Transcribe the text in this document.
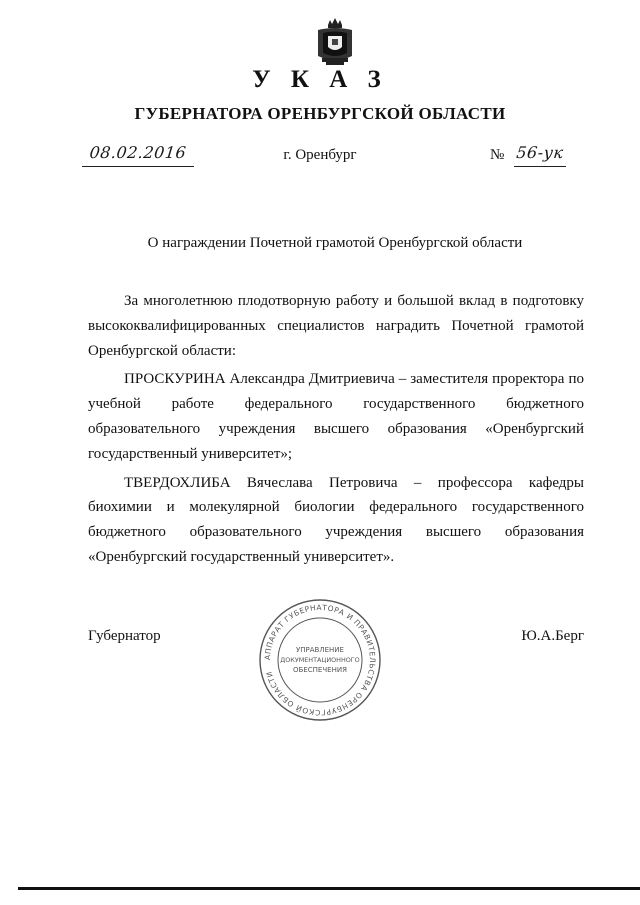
У К А З
ГУБЕРНАТОРА ОРЕНБУРГСКОЙ ОБЛАСТИ
08.02.2016	г. Оренбург	№ 56-ук
О награждении Почетной грамотой Оренбургской области

За многолетнюю плодотворную работу и большой вклад в подготовку высококвалифицированных специалистов наградить Почетной грамотой Оренбургской области:

ПРОСКУРИНА Александра Дмитриевича – заместителя проректора по учебной работе федерального государственного бюджетного образовательного учреждения высшего образования «Оренбургский государственный университет»;

ТВЕРДОХЛИБА Вячеслава Петровича – профессора кафедры биохимии и молекулярной биологии федерального государственного бюджетного образовательного учреждения высшего образования «Оренбургский государственный университет».

Губернатор	Ю.А.Берг
АППАРАТ ГУБЕРНАТОРА И ПРАВИТЕЛЬСТВА ОРЕНБУРГСКОЙ ОБЛАСТИ
УПРАВЛЕНИЕ
ДОКУМЕНТАЦИОННОГО
ОБЕСПЕЧЕНИЯ
